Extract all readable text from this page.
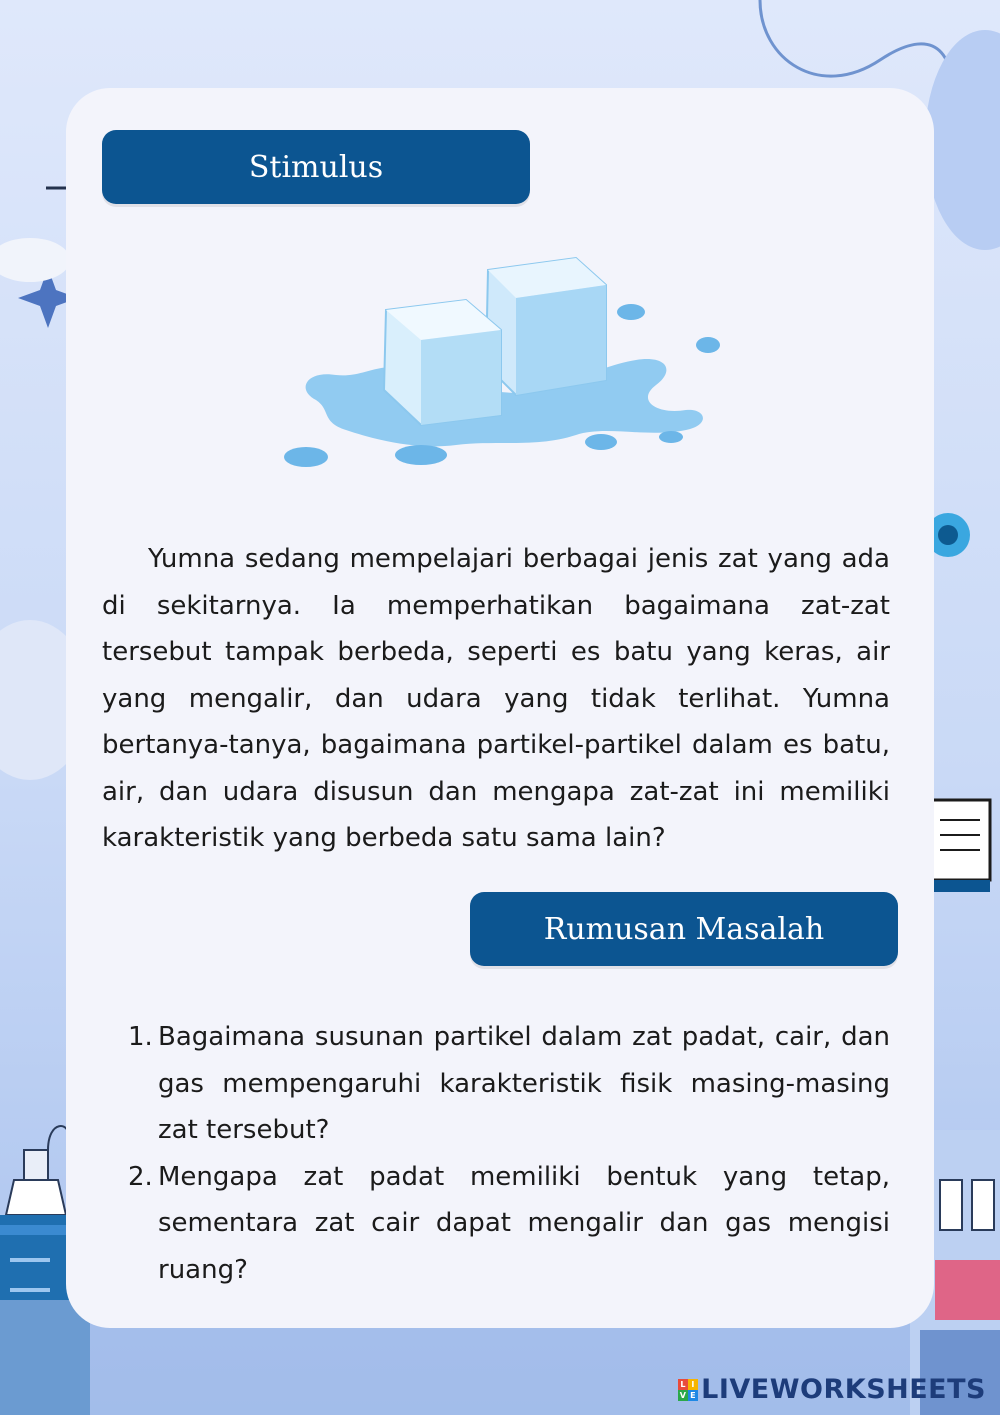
Stimulus

Yumna sedang mempelajari berbagai jenis zat yang ada di sekitarnya. Ia memperhatikan bagaimana zat-zat tersebut tampak berbeda, seperti es batu yang keras, air yang mengalir, dan udara yang tidak terlihat. Yumna bertanya-tanya, bagaimana partikel-partikel dalam es batu, air, dan udara disusun dan mengapa zat-zat ini memiliki karakteristik yang berbeda satu sama lain?

Rumusan Masalah
1. Bagaimana susunan partikel dalam zat padat, cair, dan gas mempengaruhi karakteristik fisik masing-masing zat tersebut?
2. Mengapa zat padat memiliki bentuk yang tetap, sementara zat cair dapat mengalir dan gas mengisi ruang?
L I
V E LIVEWORKSHEETS
